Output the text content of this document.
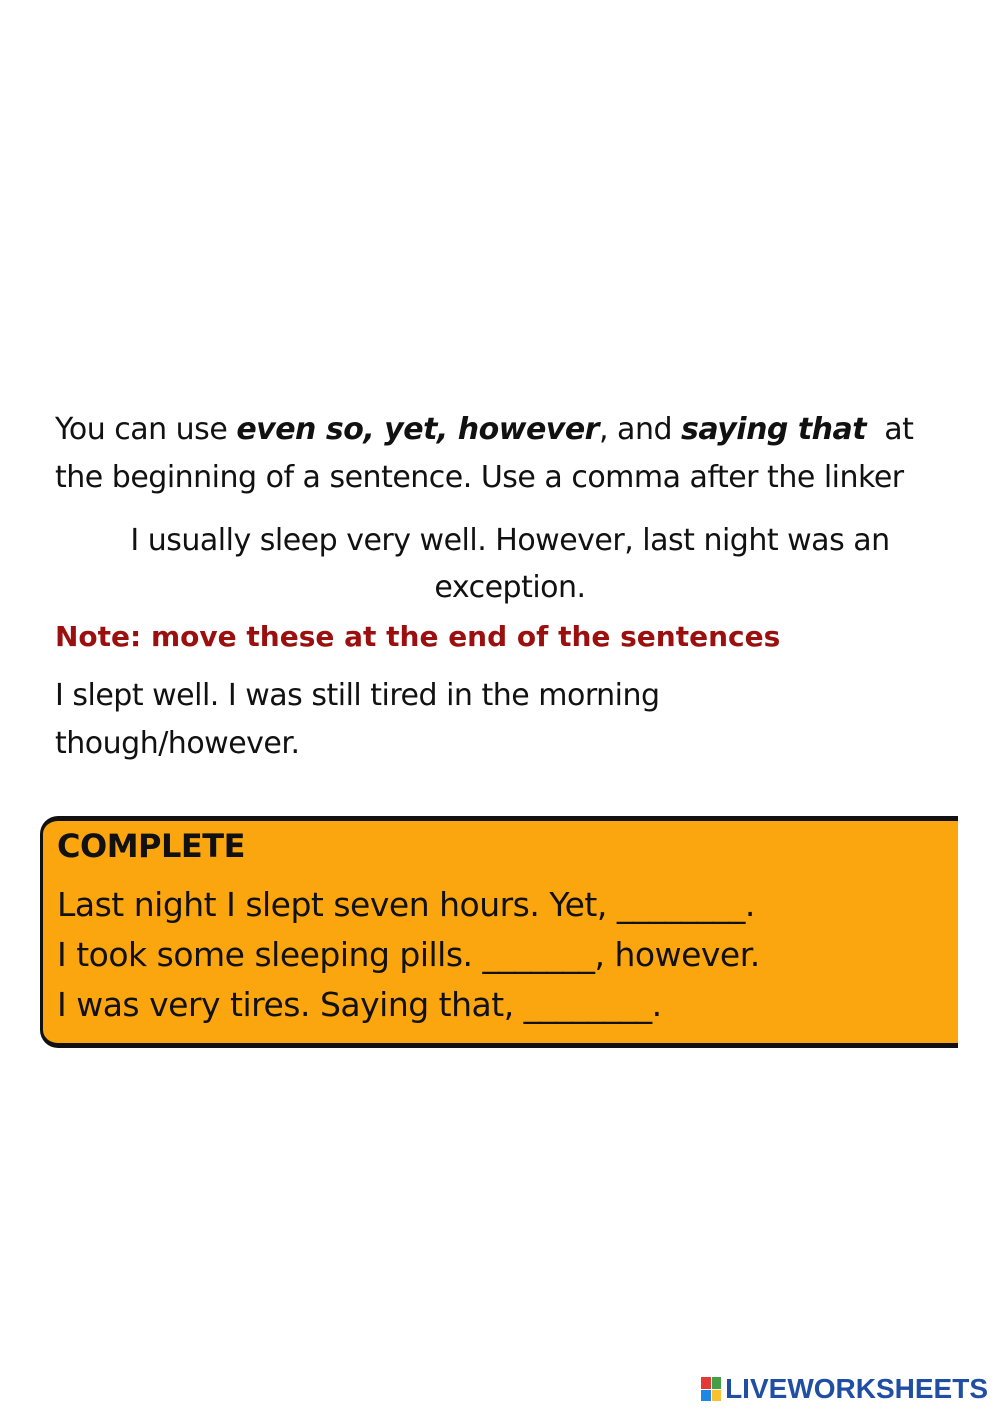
You can use even so, yet, however, and saying that  at
the beginning of a sentence. Use a comma after the linker
I usually sleep very well. However, last night was an
exception.
Note: move these at the end of the sentences
I slept well. I was still tired in the morning
though/however.
COMPLETE
Last night I slept seven hours. Yet, ________.
I took some sleeping pills. _______, however.
I was very tires. Saying that, ________.
LIVEWORKSHEETS
